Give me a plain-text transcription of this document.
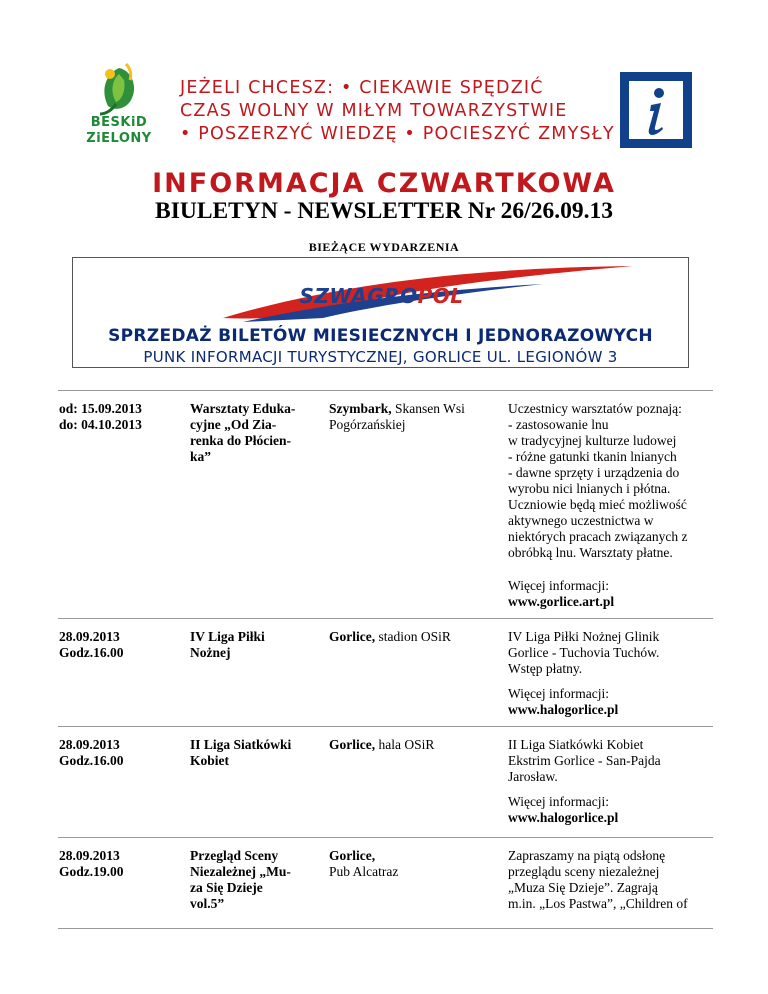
BESKiD
ZiELONY
JEŻELI CHCESZ: • CIEKAWIE SPĘDZIĆ
CZAS WOLNY W MIŁYM TOWARZYSTWIE
• POSZERZYĆ WIEDZĘ • POCIESZYĆ ZMYSŁY
INFORMACJA CZWARTKOWA
BIULETYN - NEWSLETTER Nr 26/26.09.13
BIEŻĄCE WYDARZENIA
SZWAGROPOL
SPRZEDAŻ BILETÓW MIESIECZNYCH I JEDNORAZOWYCH
PUNK INFORMACJI TURYSTYCZNEJ, GORLICE UL. LEGIONÓW 3
od: 15.09.2013
do: 04.10.2013
Warsztaty Eduka-
cyjne „Od Zia-
renka do Płócien-
ka”
Szymbark, Skansen Wsi Pogórzańskiej
Uczestnicy warsztatów poznają:
- zastosowanie lnu
w tradycyjnej kulturze ludowej
- różne gatunki tkanin lnianych
- dawne sprzęty i urządzenia do
wyrobu nici lnianych i płótna.
Uczniowie będą mieć możliwość
aktywnego uczestnictwa w
niektórych pracach związanych z
obróbką lnu. Warsztaty płatne.
Więcej informacji:
www.gorlice.art.pl
28.09.2013
Godz.16.00
IV Liga Piłki
Nożnej
Gorlice, stadion OSiR	IV Liga Piłki Nożnej Glinik
Gorlice - Tuchovia Tuchów.
Wstęp płatny.
Więcej informacji:
www.halogorlice.pl
28.09.2013
Godz.16.00
II Liga Siatkówki
Kobiet
Gorlice, hala OSiR	II Liga Siatkówki Kobiet
Ekstrim Gorlice - San-Pajda
Jarosław.
Więcej informacji:
www.halogorlice.pl
28.09.2013
Godz.19.00
Przegląd Sceny
Niezależnej „Mu-
za Się Dzieje
vol.5”
Gorlice,
Pub Alcatraz
Zapraszamy na piątą odsłonę
przeglądu sceny niezależnej
„Muza Się Dzieje”. Zagrają
m.in. „Los Pastwa”, „Children of
